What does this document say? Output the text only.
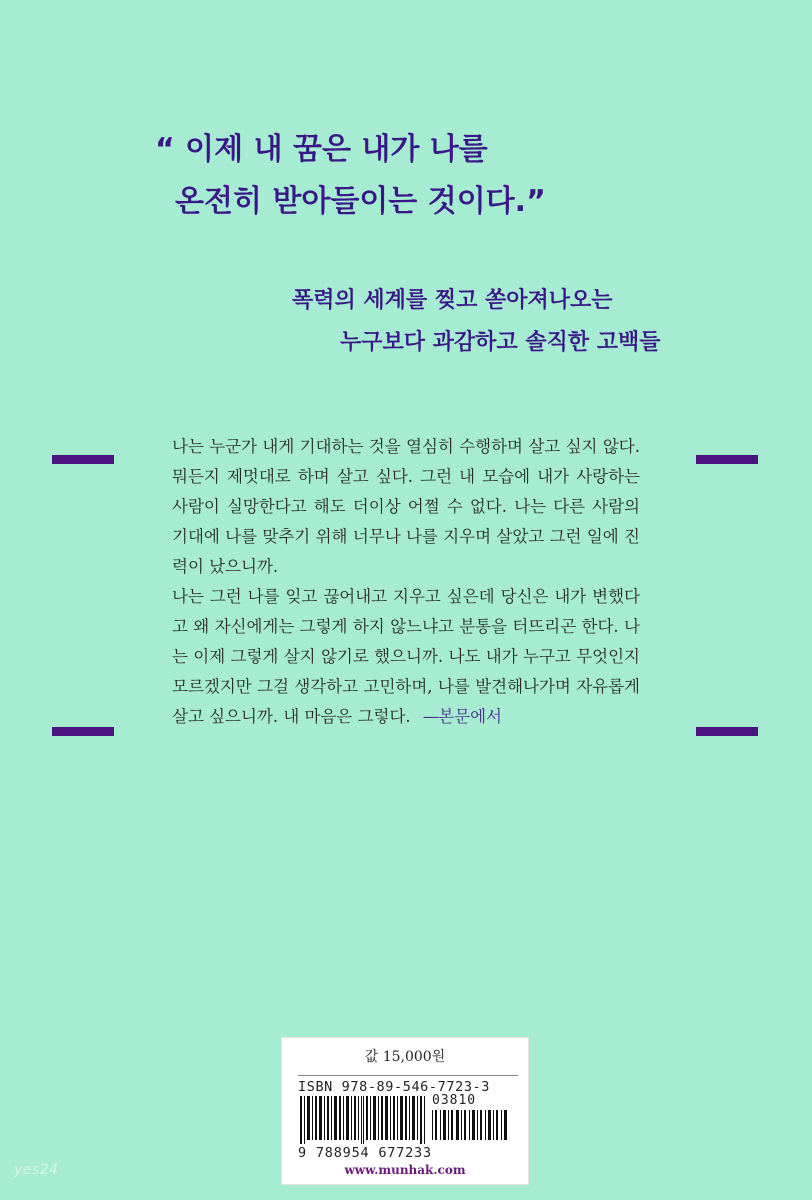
“ 이제 내 꿈은 내가 나를
온전히 받아들이는 것이다.”
폭력의 세계를 찢고 쏟아져나오는
누구보다 과감하고 솔직한 고백들

나는 누군가 내게 기대하는 것을 열심히 수행하며 살고 싶지 않다. 뭐든지 제멋대로 하며 살고 싶다. 그런 내 모습에 내가 사랑하는 사람이 실망한다고 해도 더이상 어쩔 수 없다. 나는 다른 사람의 기대에 나를 맞추기 위해 너무나 나를 지우며 살았고 그런 일에 진력이 났으니까.

나는 그런 나를 잊고 끊어내고 지우고 싶은데 당신은 내가 변했다고 왜 자신에게는 그렇게 하지 않느냐고 분통을 터뜨리곤 한다. 나는 이제 그렇게 살지 않기로 했으니까. 나도 내가 누구고 무엇인지 모르겠지만 그걸 생각하고 고민하며, 나를 발견해나가며 자유롭게 살고 싶으니까. 내 마음은 그렇다. —본문에서

값 15,000원
ISBN 978-89-546-7723-3
03810
9 788954 677233
www.munhak.com
yes24
